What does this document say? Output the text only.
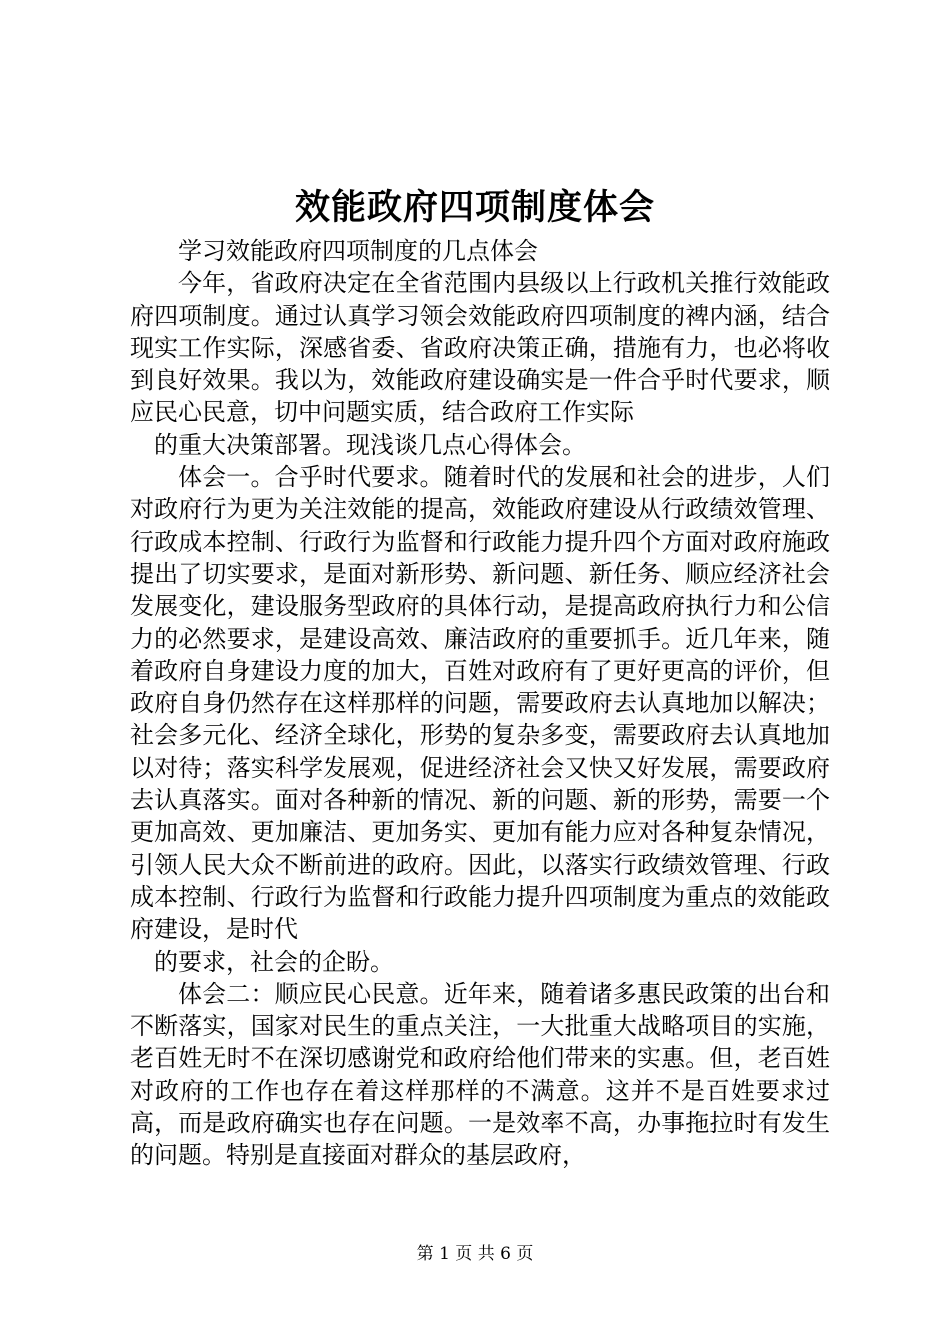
效能政府四项制度体会

学习效能政府四项制度的几点体会

今年，省政府决定在全省范围内县级以上行政机关推行效能政府四项制度。通过认真学习领会效能政府四项制度的裨内涵，结合现实工作实际，深感省委、省政府决策正确，措施有力，也必将收到良好效果。我以为，效能政府建设确实是一件合乎时代要求，顺应民心民意，切中问题实质，结合政府工作实际

的重大决策部署。现浅谈几点心得体会。

体会一。合乎时代要求。随着时代的发展和社会的进步，人们对政府行为更为关注效能的提高，效能政府建设从行政绩效管理、行政成本控制、行政行为监督和行政能力提升四个方面对政府施政提出了切实要求，是面对新形势、新问题、新任务、顺应经济社会发展变化，建设服务型政府的具体行动，是提高政府执行力和公信力的必然要求，是建设高效、廉洁政府的重要抓手。近几年来，随着政府自身建设力度的加大，百姓对政府有了更好更高的评价，但政府自身仍然存在这样那样的问题，需要政府去认真地加以解决；社会多元化、经济全球化，形势的复杂多变，需要政府去认真地加以对待；落实科学发展观，促进经济社会又快又好发展，需要政府去认真落实。面对各种新的情况、新的问题、新的形势，需要一个更加高效、更加廉洁、更加务实、更加有能力应对各种复杂情况，引领人民大众不断前进的政府。因此，以落实行政绩效管理、行政成本控制、行政行为监督和行政能力提升四项制度为重点的效能政府建设，是时代

的要求，社会的企盼。

体会二：顺应民心民意。近年来，随着诸多惠民政策的出台和不断落实，国家对民生的重点关注，一大批重大战略项目的实施，老百姓无时不在深切感谢党和政府给他们带来的实惠。但，老百姓对政府的工作也存在着这样那样的不满意。这并不是百姓要求过高，而是政府确实也存在问题。一是效率不高，办事拖拉时有发生的问题。特别是直接面对群众的基层政府，

第 1 页 共 6 页
